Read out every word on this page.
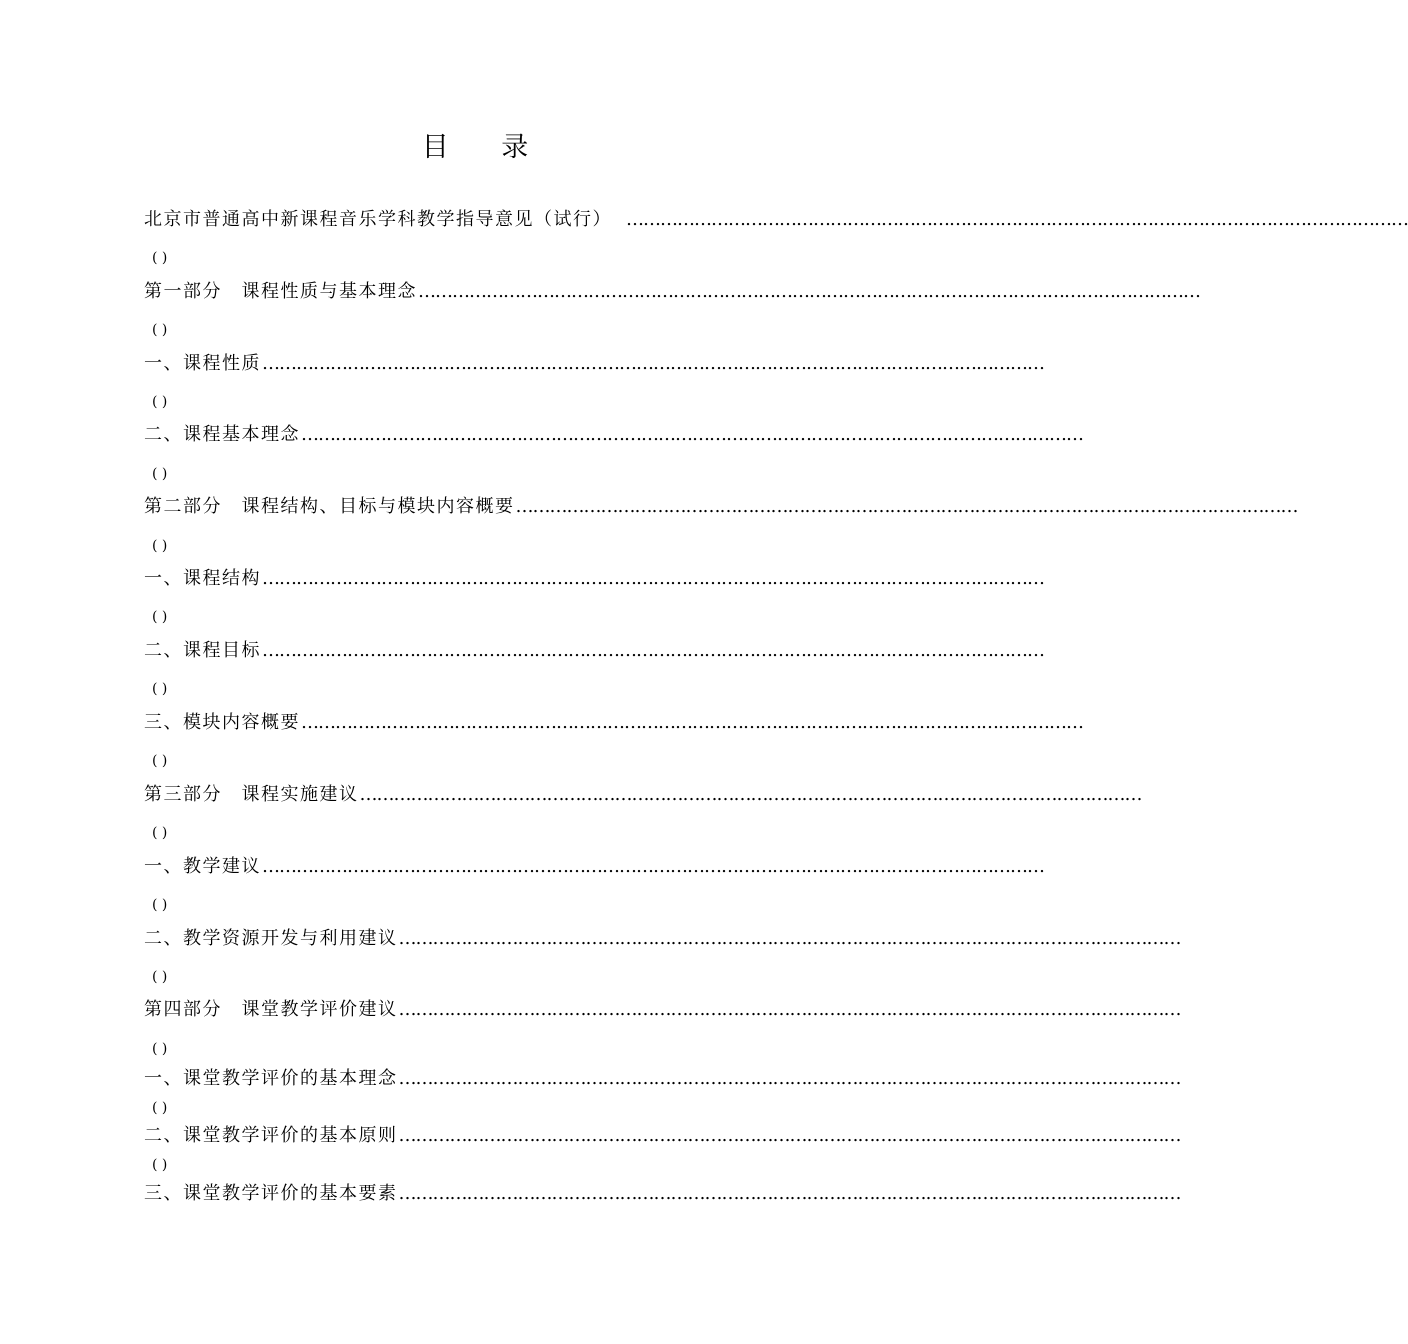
目 录
北京市普通高中新课程音乐学科教学指导意见（试行） …………………………………………………………………………………………………………………………
( )
第一部分　课程性质与基本理念 …………………………………………………………………………………………………………………………
( )
一、课程性质 …………………………………………………………………………………………………………………………
( )
二、课程基本理念 …………………………………………………………………………………………………………………………
( )
第二部分　课程结构、目标与模块内容概要 …………………………………………………………………………………………………………………………
( )
一、课程结构 …………………………………………………………………………………………………………………………
( )
二、课程目标 …………………………………………………………………………………………………………………………
( )
三、模块内容概要 …………………………………………………………………………………………………………………………
( )
第三部分　课程实施建议 …………………………………………………………………………………………………………………………
( )
一、教学建议 …………………………………………………………………………………………………………………………
( )
二、教学资源开发与利用建议 …………………………………………………………………………………………………………………………
( )
第四部分　课堂教学评价建议 …………………………………………………………………………………………………………………………
( )
一、课堂教学评价的基本理念 …………………………………………………………………………………………………………………………
( )
二、课堂教学评价的基本原则 …………………………………………………………………………………………………………………………
( )
三、课堂教学评价的基本要素 …………………………………………………………………………………………………………………………
